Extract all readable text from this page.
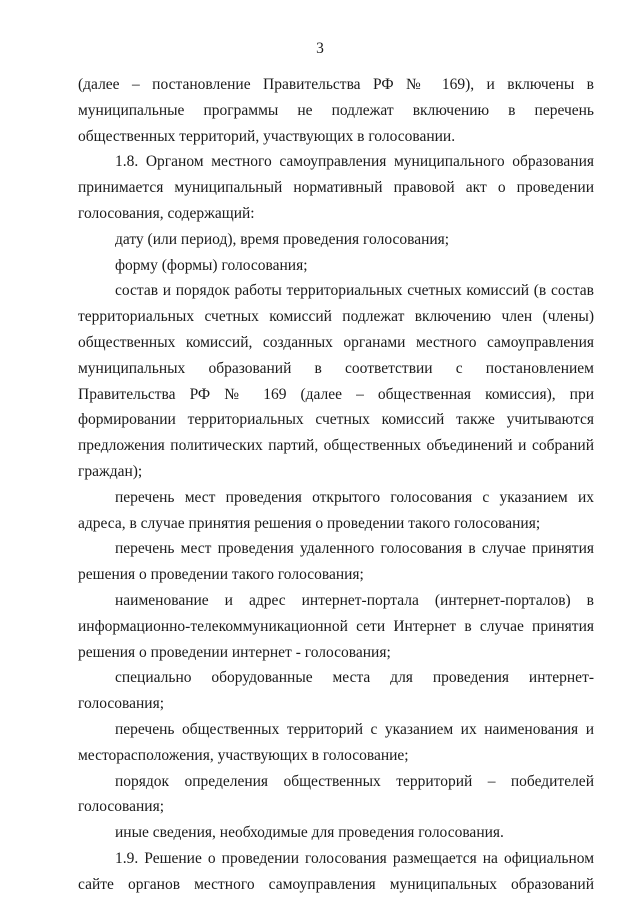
3

(далее – постановление Правительства РФ № 169), и включены в муниципальные программы не подлежат включению в перечень общественных территорий, участвующих в голосовании.

1.8. Органом местного самоуправления муниципального образования принимается муниципальный нормативный правовой акт о проведении голосования, содержащий:

дату (или период), время проведения голосования;

форму (формы) голосования;

состав и порядок работы территориальных счетных комиссий (в состав территориальных счетных комиссий подлежат включению член (члены) общественных комиссий, созданных органами местного самоуправления муниципальных образований в соответствии с постановлением Правительства РФ № 169 (далее – общественная комиссия), при формировании территориальных счетных комиссий также учитываются предложения политических партий, общественных объединений и собраний граждан);

перечень мест проведения открытого голосования с указанием их адреса, в случае принятия решения о проведении такого голосования;

перечень мест проведения удаленного голосования в случае принятия решения о проведении такого голосования;

наименование и адрес интернет-портала (интернет-порталов) в информационно-телекоммуникационной сети Интернет в случае принятия решения о проведении интернет - голосования;

специально оборудованные места для проведения интернет-голосования;

перечень общественных территорий с указанием их наименования и месторасположения, участвующих в голосование;

порядок определения общественных территорий – победителей голосования;

иные сведения, необходимые для проведения голосования.

1.9. Решение о проведении голосования размещается на официальном сайте органов местного самоуправления муниципальных образований
